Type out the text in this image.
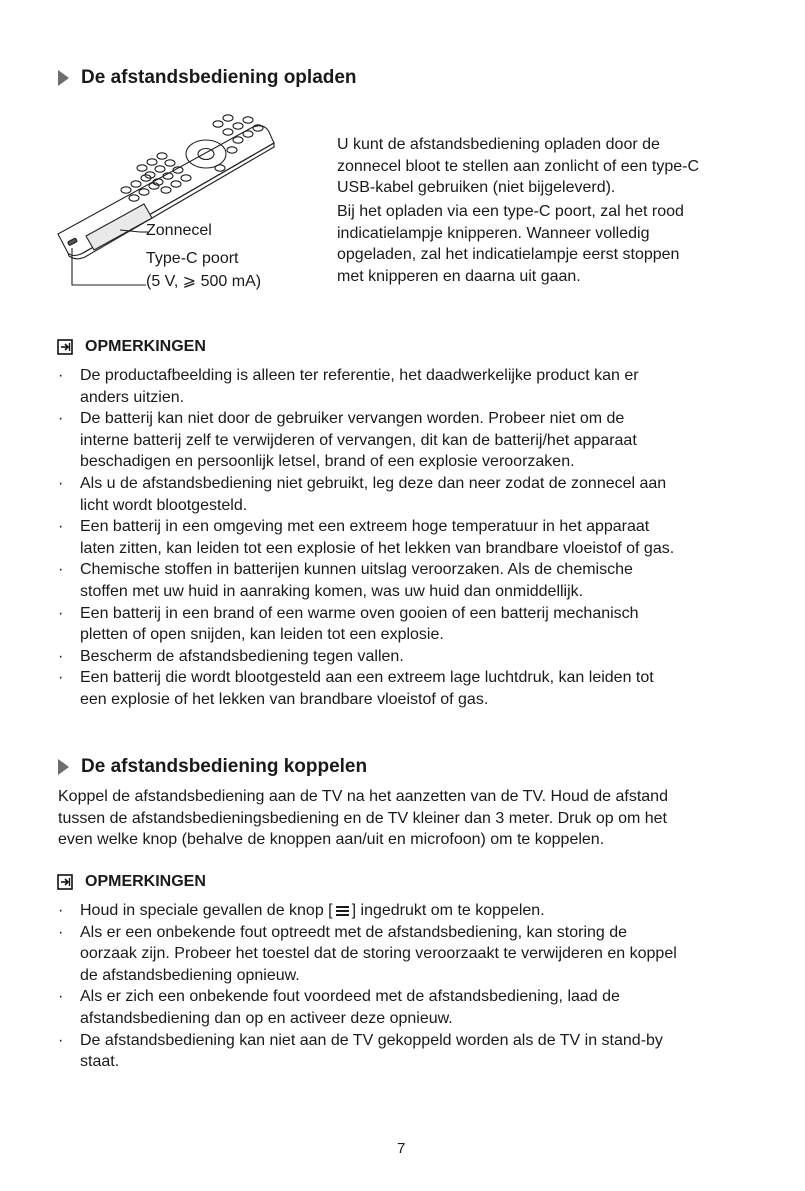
De afstandsbediening opladen
Zonnecel
Type-C poort
(5 V, ⩾ 500 mA)
U kunt de afstandsbediening opladen door de
zonnecel bloot te stellen aan zonlicht of een type-C
USB-kabel gebruiken (niet bijgeleverd).
Bij het opladen via een type-C poort, zal het rood
indicatielampje knipperen. Wanneer volledig
opgeladen, zal het indicatielampje eerst stoppen
met knipperen en daarna uit gaan.
OPMERKINGEN
· De productafbeelding is alleen ter referentie, het daadwerkelijke product kan er
anders uitzien.
· De batterij kan niet door de gebruiker vervangen worden. Probeer niet om de
interne batterij zelf te verwijderen of vervangen, dit kan de batterij/het apparaat
beschadigen en persoonlijk letsel, brand of een explosie veroorzaken.
· Als u de afstandsbediening niet gebruikt, leg deze dan neer zodat de zonnecel aan
licht wordt blootgesteld.
· Een batterij in een omgeving met een extreem hoge temperatuur in het apparaat
laten zitten, kan leiden tot een explosie of het lekken van brandbare vloeistof of gas.
· Chemische stoffen in batterijen kunnen uitslag veroorzaken. Als de chemische
stoffen met uw huid in aanraking komen, was uw huid dan onmiddellijk.
· Een batterij in een brand of een warme oven gooien of een batterij mechanisch
pletten of open snijden, kan leiden tot een explosie.
· Bescherm de afstandsbediening tegen vallen.
· Een batterij die wordt blootgesteld aan een extreem lage luchtdruk, kan leiden tot
een explosie of het lekken van brandbare vloeistof of gas.
De afstandsbediening koppelen
Koppel de afstandsbediening aan de TV na het aanzetten van de TV. Houd de afstand
tussen de afstandsbedieningsbediening en de TV kleiner dan 3 meter. Druk op om het
even welke knop (behalve de knoppen aan/uit en microfoon) om te koppelen.
OPMERKINGEN
· Houd in speciale gevallen de knop [ ] ingedrukt om te koppelen.
· Als er een onbekende fout optreedt met de afstandsbediening, kan storing de
oorzaak zijn. Probeer het toestel dat de storing veroorzaakt te verwijderen en koppel
de afstandsbediening opnieuw.
· Als er zich een onbekende fout voordeed met de afstandsbediening, laad de
afstandsbediening dan op en activeer deze opnieuw.
· De afstandsbediening kan niet aan de TV gekoppeld worden als de TV in stand-by
staat.
7
